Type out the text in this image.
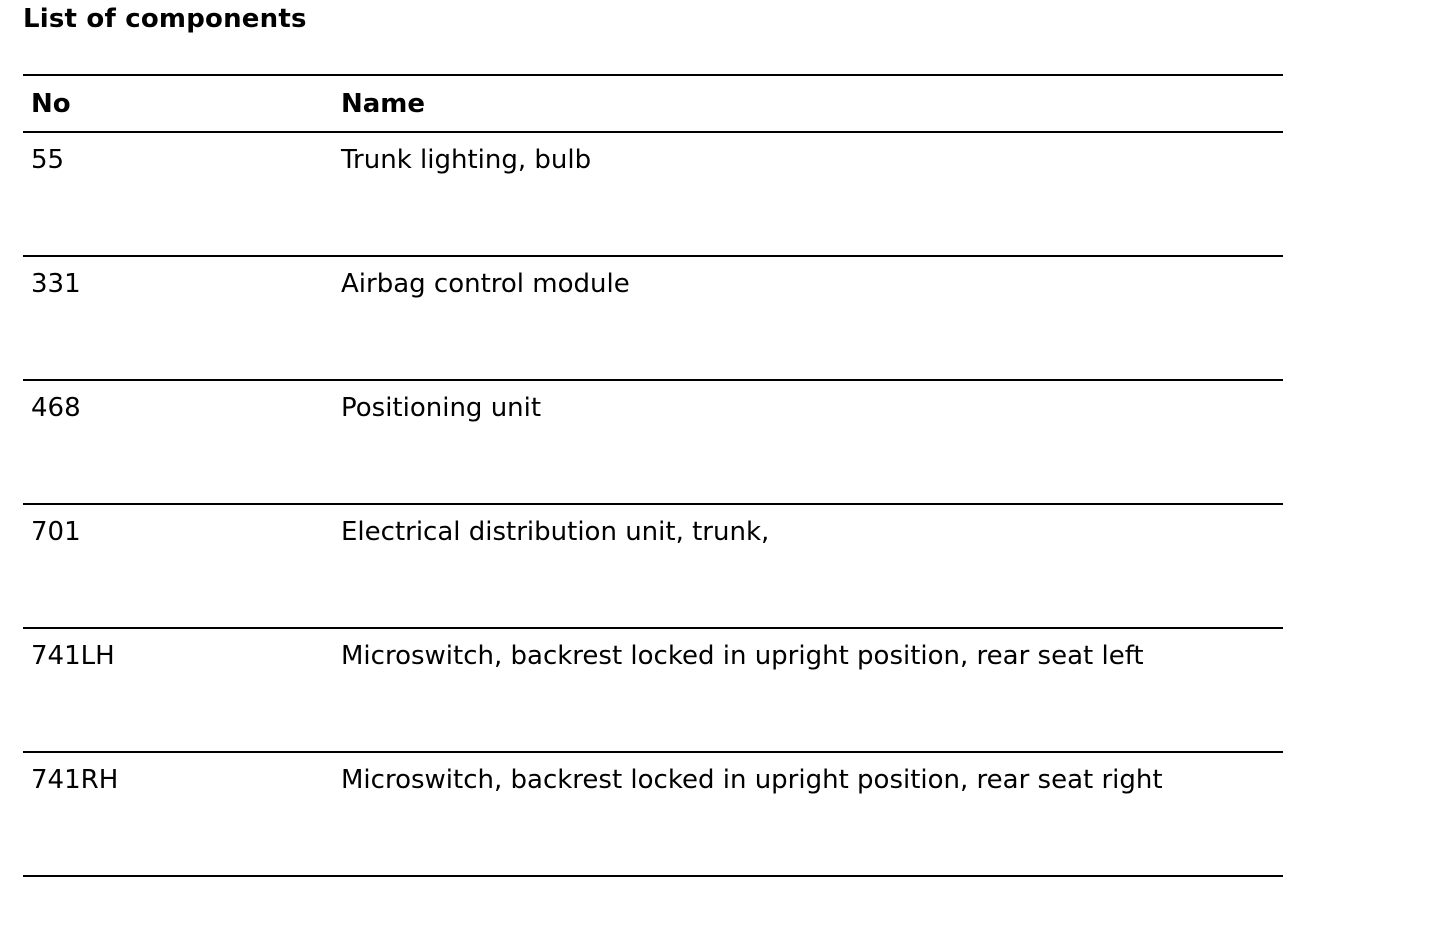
List of components
No	Name
55	Trunk lighting, bulb
331	Airbag control module
468	Positioning unit
701	Electrical distribution unit, trunk,
741LH	Microswitch, backrest locked in upright position, rear seat left
741RH	Microswitch, backrest locked in upright position, rear seat right
